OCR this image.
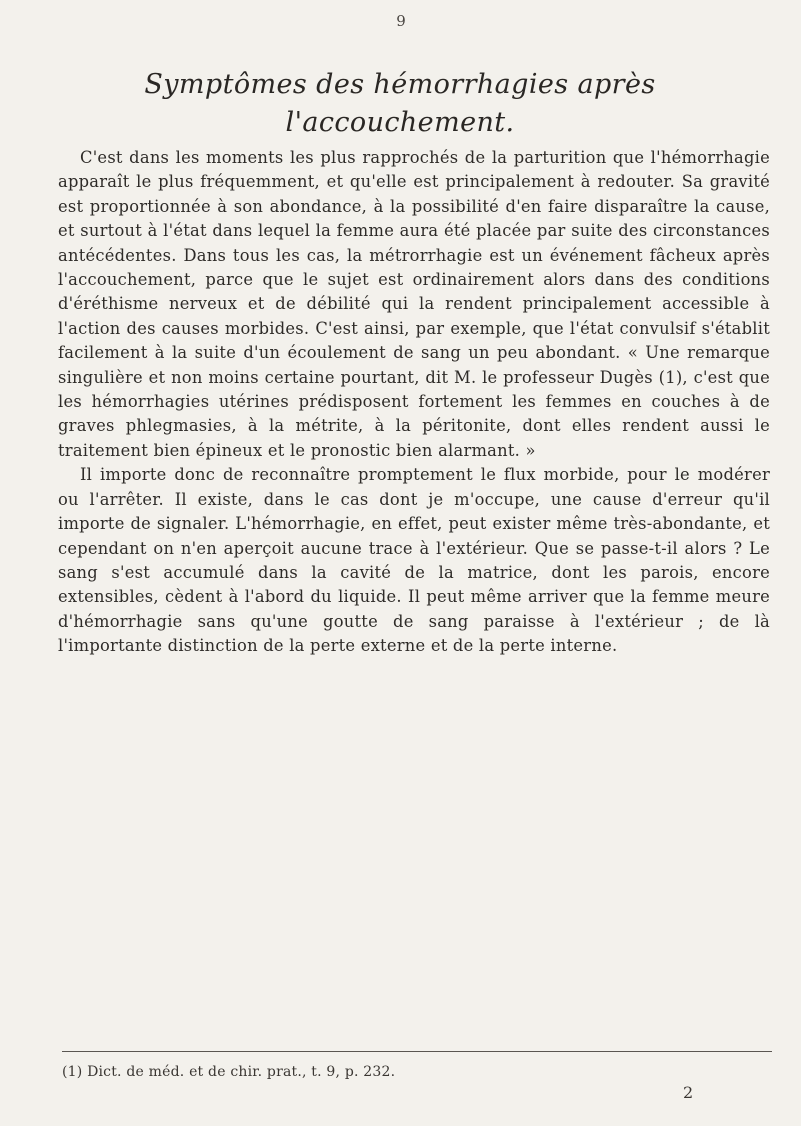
9
Symptômes des hémorrhagies après
l'accouchement.

C'est dans les moments les plus rapprochés de la parturition que l'hémorrhagie apparaît le plus fréquemment, et qu'elle est principalement à redouter. Sa gravité est proportionnée à son abondance, à la possibilité d'en faire disparaître la cause, et surtout à l'état dans lequel la femme aura été placée par suite des circonstances antécédentes. Dans tous les cas, la métrorrhagie est un événement fâcheux après l'accouchement, parce que le sujet est ordinairement alors dans des conditions d'éréthisme nerveux et de débilité qui la rendent principalement accessible à l'action des causes morbides. C'est ainsi, par exemple, que l'état convulsif s'établit facilement à la suite d'un écoulement de sang un peu abondant. « Une remarque singulière et non moins certaine pourtant, dit M. le professeur Dugès (1), c'est que les hémorrhagies utérines prédisposent fortement les femmes en couches à de graves phlegmasies, à la métrite, à la péritonite, dont elles rendent aussi le traitement bien épineux et le pronostic bien alarmant. »

Il importe donc de reconnaître promptement le flux morbide, pour le modérer ou l'arrêter. Il existe, dans le cas dont je m'occupe, une cause d'erreur qu'il importe de signaler. L'hémorrhagie, en effet, peut exister même très-abondante, et cependant on n'en aperçoit aucune trace à l'extérieur. Que se passe-t-il alors ? Le sang s'est accumulé dans la cavité de la matrice, dont les parois, encore extensibles, cèdent à l'abord du liquide. Il peut même arriver que la femme meure d'hémorrhagie sans qu'une goutte de sang paraisse à l'extérieur ; de là l'importante distinction de la perte externe et de la perte interne.

(1) Dict. de méd. et de chir. prat., t. 9, p. 232.
2
